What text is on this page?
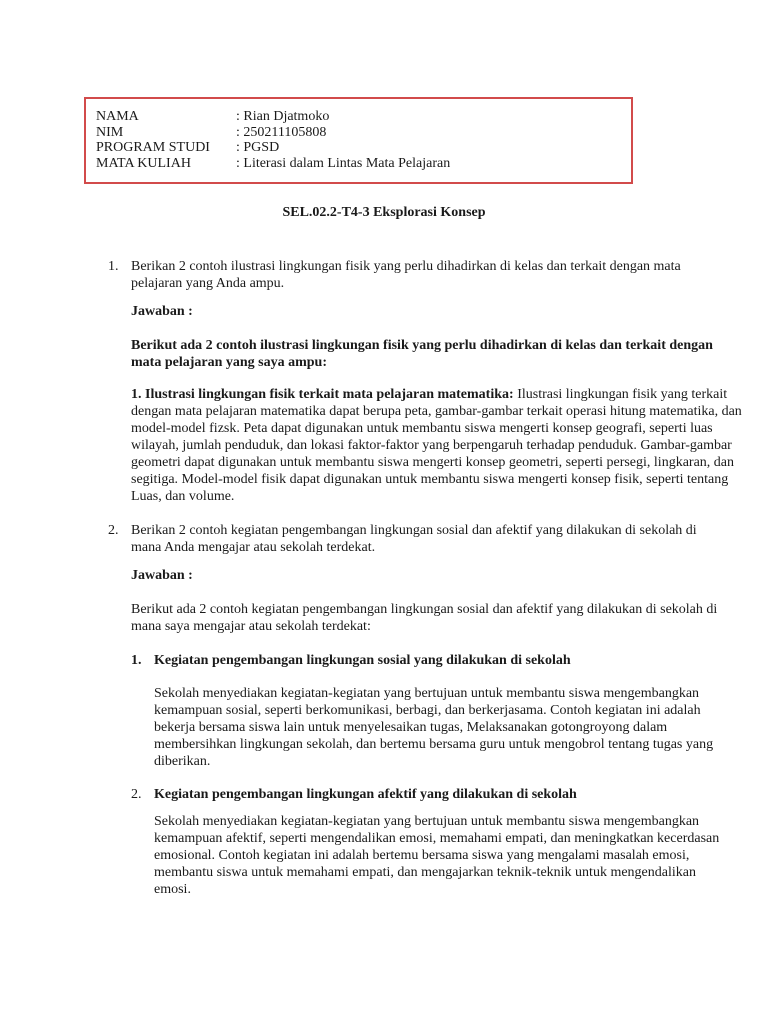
NAMA	: Rian Djatmoko
NIM	: 250211105808
PROGRAM STUDI	: PGSD
MATA KULIAH	: Literasi dalam Lintas Mata Pelajaran
SEL.02.2-T4-3 Eksplorasi Konsep
1. Berikan 2 contoh ilustrasi lingkungan fisik yang perlu dihadirkan di kelas dan terkait dengan mata pelajaran yang Anda ampu.
Jawaban :
Berikut ada 2 contoh ilustrasi lingkungan fisik yang perlu dihadirkan di kelas dan terkait dengan mata pelajaran yang saya ampu:
1. Ilustrasi lingkungan fisik terkait mata pelajaran matematika: Ilustrasi lingkungan fisik yang terkait dengan mata pelajaran matematika dapat berupa peta, gambar-gambar terkait operasi hitung matematika, dan model-model fizsk. Peta dapat digunakan untuk membantu siswa mengerti konsep geografi, seperti luas wilayah, jumlah penduduk, dan lokasi faktor-faktor yang berpengaruh terhadap penduduk. Gambar-gambar geometri dapat digunakan untuk membantu siswa mengerti konsep geometri, seperti persegi, lingkaran, dan segitiga. Model-model fisik dapat digunakan untuk membantu siswa mengerti konsep fisik, seperti tentang Luas, dan volume.
2. Berikan 2 contoh kegiatan pengembangan lingkungan sosial dan afektif yang dilakukan di sekolah di mana Anda mengajar atau sekolah terdekat.
Jawaban :
Berikut ada 2 contoh kegiatan pengembangan lingkungan sosial dan afektif yang dilakukan di sekolah di mana saya mengajar atau sekolah terdekat:
1. Kegiatan pengembangan lingkungan sosial yang dilakukan di sekolah
Sekolah menyediakan kegiatan-kegiatan yang bertujuan untuk membantu siswa mengembangkan kemampuan sosial, seperti berkomunikasi, berbagi, dan berkerjasama. Contoh kegiatan ini adalah bekerja bersama siswa lain untuk menyelesaikan tugas, Melaksanakan gotongroyong dalam membersihkan lingkungan sekolah, dan bertemu bersama guru untuk mengobrol tentang tugas yang diberikan.
2. Kegiatan pengembangan lingkungan afektif yang dilakukan di sekolah
Sekolah menyediakan kegiatan-kegiatan yang bertujuan untuk membantu siswa mengembangkan kemampuan afektif, seperti mengendalikan emosi, memahami empati, dan meningkatkan kecerdasan emosional. Contoh kegiatan ini adalah bertemu bersama siswa yang mengalami masalah emosi, membantu siswa untuk memahami empati, dan mengajarkan teknik-teknik untuk mengendalikan emosi.
